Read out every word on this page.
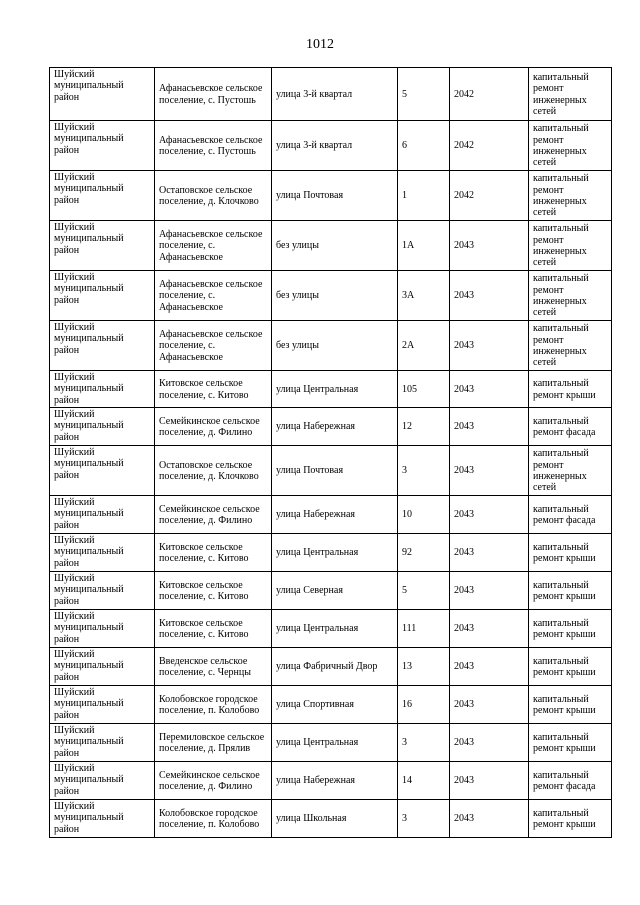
1012
Шуйский муниципальный район	Афанасьевское сельское поселение, с. Пустошь	улица 3-й квартал	5	2042	капитальный ремонт инженерных сетей
Шуйский муниципальный район	Афанасьевское сельское поселение, с. Пустошь	улица 3-й квартал	6	2042	капитальный ремонт инженерных сетей
Шуйский муниципальный район	Остаповское сельское поселение, д. Клочково	улица Почтовая	1	2042	капитальный ремонт инженерных сетей
Шуйский муниципальный район	Афанасьевское сельское поселение, с. Афанасьевское	без улицы	1А	2043	капитальный ремонт инженерных сетей
Шуйский муниципальный район	Афанасьевское сельское поселение, с. Афанасьевское	без улицы	3А	2043	капитальный ремонт инженерных сетей
Шуйский муниципальный район	Афанасьевское сельское поселение, с. Афанасьевское	без улицы	2А	2043	капитальный ремонт инженерных сетей
Шуйский муниципальный район	Китовское сельское поселение, с. Китово	улица Центральная	105	2043	капитальный ремонт крыши
Шуйский муниципальный район	Семейкинское сельское поселение, д. Филино	улица Набережная	12	2043	капитальный ремонт фасада
Шуйский муниципальный район	Остаповское сельское поселение, д. Клочково	улица Почтовая	3	2043	капитальный ремонт инженерных сетей
Шуйский муниципальный район	Семейкинское сельское поселение, д. Филино	улица Набережная	10	2043	капитальный ремонт фасада
Шуйский муниципальный район	Китовское сельское поселение, с. Китово	улица Центральная	92	2043	капитальный ремонт крыши
Шуйский муниципальный район	Китовское сельское поселение, с. Китово	улица Северная	5	2043	капитальный ремонт крыши
Шуйский муниципальный район	Китовское сельское поселение, с. Китово	улица Центральная	111	2043	капитальный ремонт крыши
Шуйский муниципальный район	Введенское сельское поселение, с. Чернцы	улица Фабричный Двор	13	2043	капитальный ремонт крыши
Шуйский муниципальный район	Колобовское городское поселение, п. Колобово	улица Спортивная	16	2043	капитальный ремонт крыши
Шуйский муниципальный район	Перемиловское сельское поселение, д. Прялив	улица Центральная	3	2043	капитальный ремонт крыши
Шуйский муниципальный район	Семейкинское сельское поселение, д. Филино	улица Набережная	14	2043	капитальный ремонт фасада
Шуйский муниципальный район	Колобовское городское поселение, п. Колобово	улица Школьная	3	2043	капитальный ремонт крыши
